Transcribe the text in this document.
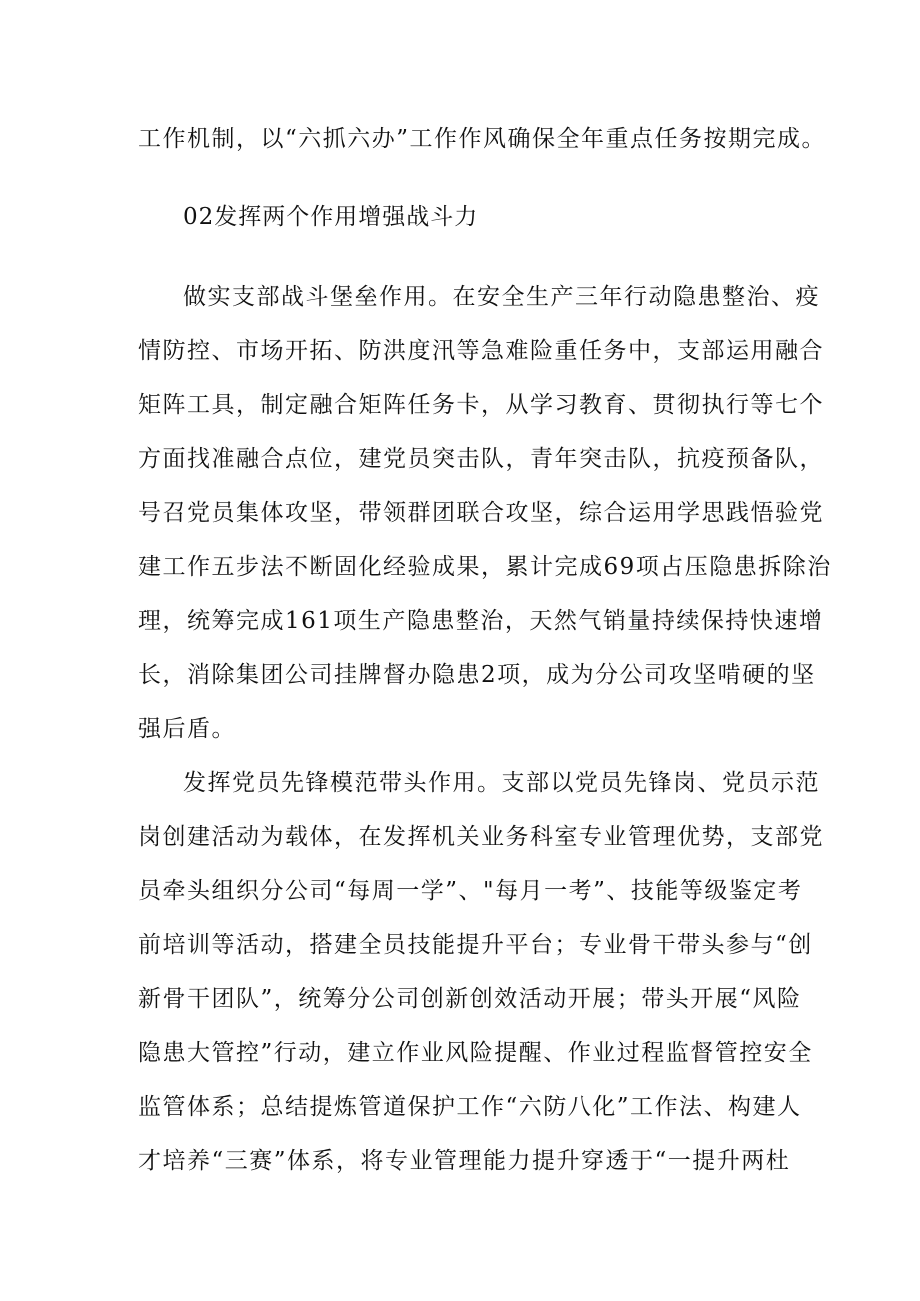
工作机制，以“六抓六办”工作作风确保全年重点任务按期完成。
02发挥两个作用增强战斗力
做实支部战斗堡垒作用。在安全生产三年行动隐患整治、疫
情防控、市场开拓、防洪度汛等急难险重任务中，支部运用融合
矩阵工具，制定融合矩阵任务卡，从学习教育、贯彻执行等七个
方面找准融合点位，建党员突击队，青年突击队，抗疫预备队，
号召党员集体攻坚，带领群团联合攻坚，综合运用学思践悟验党
建工作五步法不断固化经验成果，累计完成69项占压隐患拆除治
理，统筹完成161项生产隐患整治，天然气销量持续保持快速增
长，消除集团公司挂牌督办隐患2项，成为分公司攻坚啃硬的坚
强后盾。
发挥党员先锋模范带头作用。支部以党员先锋岗、党员示范
岗创建活动为载体，在发挥机关业务科室专业管理优势，支部党
员牵头组织分公司“每周一学”、"每月一考”、技能等级鉴定考
前培训等活动，搭建全员技能提升平台；专业骨干带头参与“创
新骨干团队”，统筹分公司创新创效活动开展；带头开展“风险
隐患大管控”行动，建立作业风险提醒、作业过程监督管控安全
监管体系；总结提炼管道保护工作“六防八化”工作法、构建人
才培养“三赛”体系，将专业管理能力提升穿透于“一提升两杜
